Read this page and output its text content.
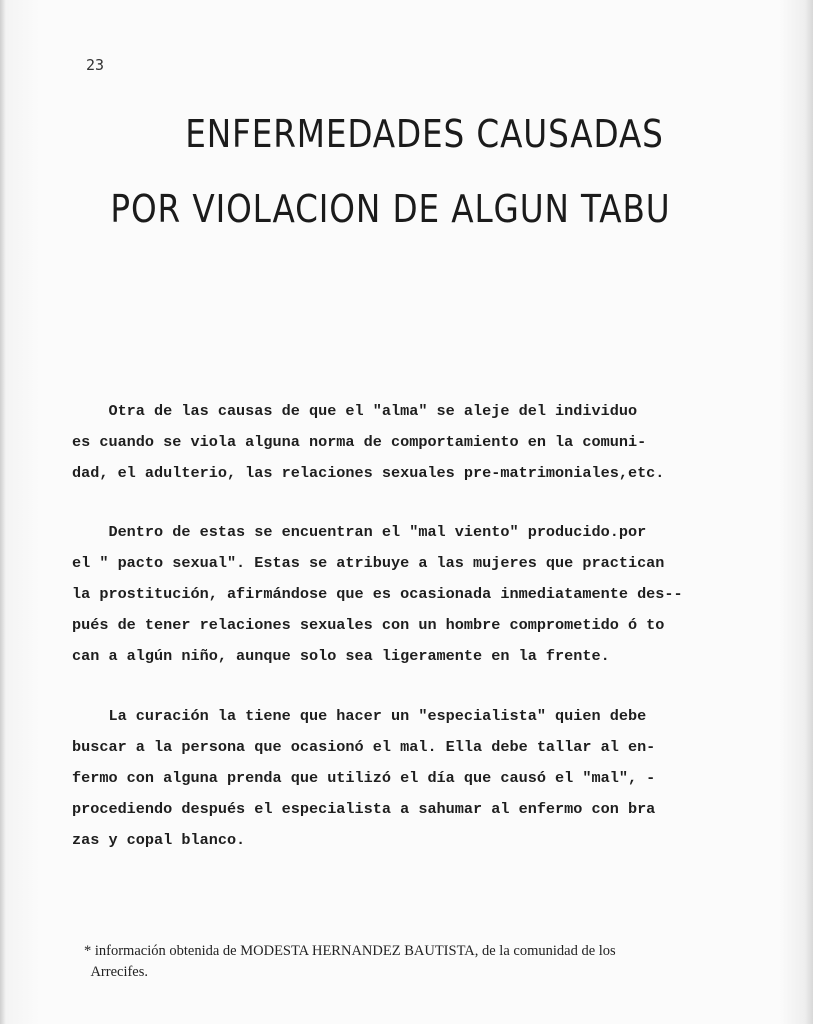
23
ENFERMEDADES CAUSADAS
POR VIOLACION DE ALGUN TABU
Otra de las causas de que el "alma" se aleje del individuo
es cuando se viola alguna norma de comportamiento en la comuni-
dad, el adulterio, las relaciones sexuales pre-matrimoniales,etc.
Dentro de estas se encuentran el "mal viento" producido.por
el " pacto sexual". Estas se atribuye a las mujeres que practican
la prostitución, afirmándose que es ocasionada inmediatamente des--
pués de tener relaciones sexuales con un hombre comprometido ó to
can a algún niño, aunque solo sea ligeramente en la frente.
La curación la tiene que hacer un "especialista" quien debe
buscar a la persona que ocasionó el mal. Ella debe tallar al en-
fermo con alguna prenda que utilizó el día que causó el "mal", -
procediendo después el especialista a sahumar al enfermo con bra
zas y copal blanco.
* información obtenida de MODESTA HERNANDEZ BAUTISTA, de la comunidad de los
Arrecifes.
